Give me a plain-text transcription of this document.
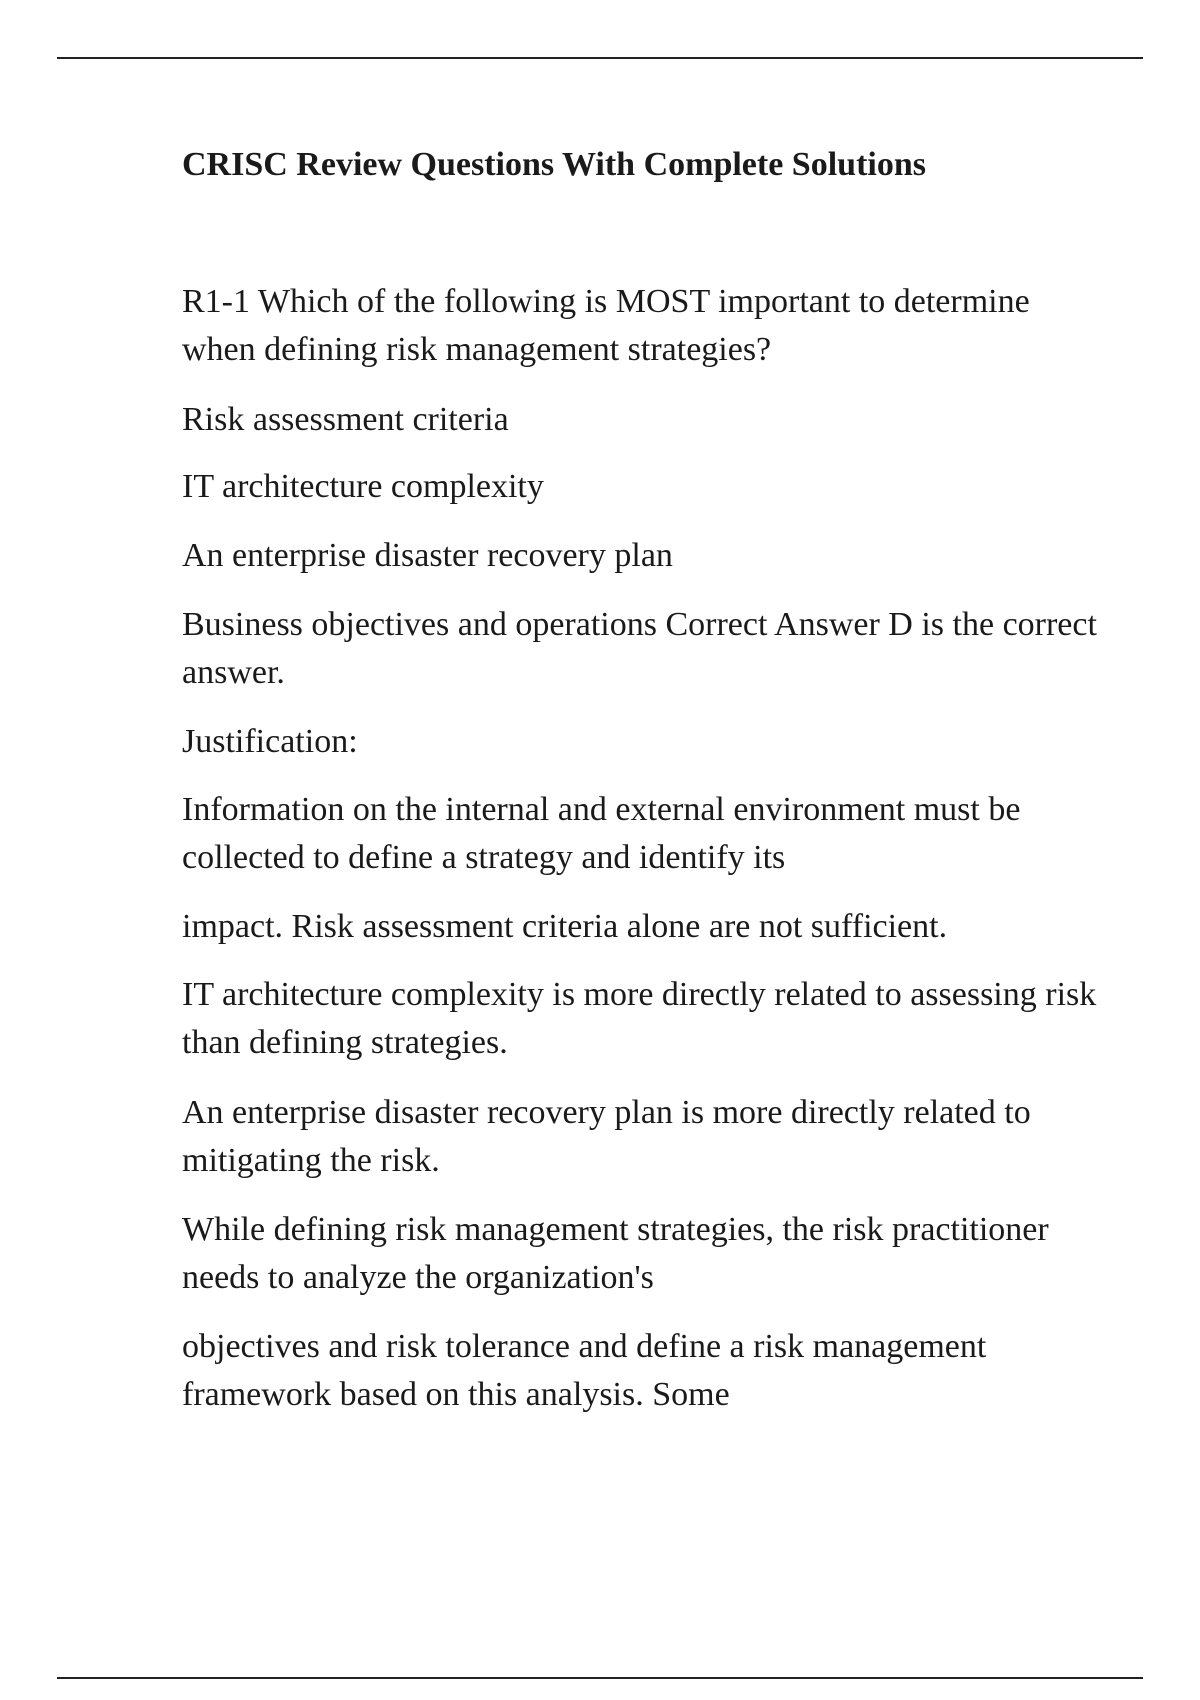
CRISC Review Questions With Complete Solutions

R1-1 Which of the following is MOST important to determine when defining risk management strategies?

Risk assessment criteria

IT architecture complexity

An enterprise disaster recovery plan

Business objectives and operations Correct Answer D is the correct answer.

Justification:

Information on the internal and external environment must be collected to define a strategy and identify its

impact. Risk assessment criteria alone are not sufficient.

IT architecture complexity is more directly related to assessing risk than defining strategies.

An enterprise disaster recovery plan is more directly related to mitigating the risk.

While defining risk management strategies, the risk practitioner needs to analyze the organization's

objectives and risk tolerance and define a risk management framework based on this analysis. Some
